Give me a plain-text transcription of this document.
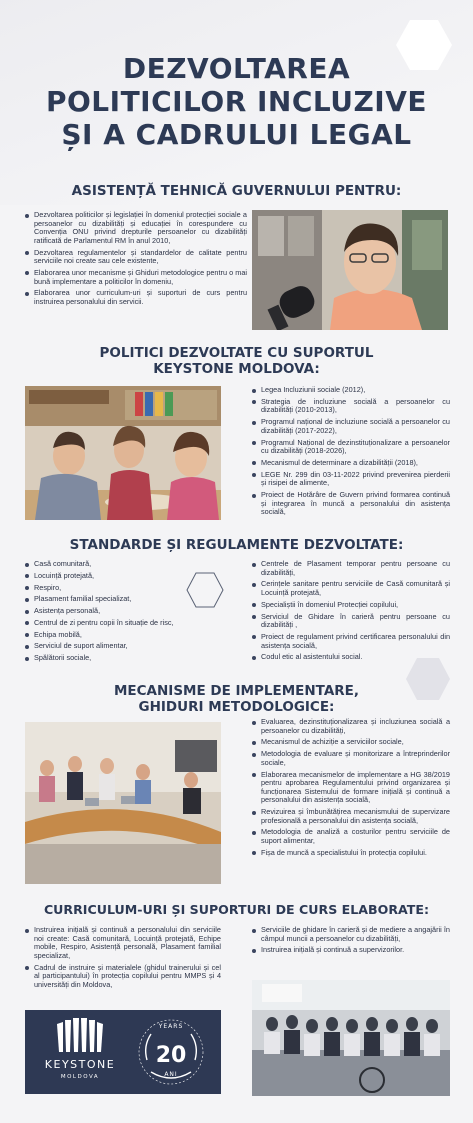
DEZVOLTAREA
POLITICILOR INCLUZIVE
ȘI A CADRULUI LEGAL
ASISTENȚĂ TEHNICĂ GUVERNULUI PENTRU:
Dezvoltarea politicilor și legislației în domeniul protecției sociale a persoanelor cu dizabilități și educației în corespundere cu Convenția ONU privind drepturile persoanelor cu dizabilități ratificată de Parlamentul RM în anul 2010,
Dezvoltarea regulamentelor și standardelor de calitate pentru serviciile noi create sau cele existente,
Elaborarea unor mecanisme și Ghiduri metodologice pentru o mai bună implementare a politicilor în domeniu,
Elaborarea unor curriculum-uri și suporturi de curs pentru instruirea personalului din servicii.
POLITICI DEZVOLTATE CU SUPORTUL
KEYSTONE MOLDOVA:
Legea Incluziunii sociale (2012),
Strategia de incluziune socială a persoanelor cu dizabilități (2010-2013),
Programul național de incluziune socială a persoanelor cu dizabilități (2017-2022),
Programul Național de dezinstituționalizare a persoanelor cu dizabilități (2018-2026),
Mecanismul de determinare a dizabilității (2018),
LEGE Nr. 299 din 03-11-2022 privind prevenirea pierderii și risipei de alimente,
Proiect de Hotărâre de Guvern privind formarea continuă și integrarea în muncă a personalului din asistența socială,
STANDARDE ȘI REGULAMENTE DEZVOLTATE:
Casă comunitară,
Locuință protejată,
Respiro,
Plasament familial specializat,
Asistența personală,
Centrul de zi pentru copii în situație de risc,
Echipa mobilă,
Serviciul de suport alimentar,
Spălătorii sociale,
Centrele de Plasament temporar pentru persoane cu dizabilități,
Cerințele sanitare pentru serviciile de Casă comunitară și Locuință protejată,
Specialiștii în domeniul Protecției copilului,
Serviciul de Ghidare în carieră pentru persoane cu dizabilități ,
Proiect de regulament privind certificarea personalului din asistența socială,
Codul etic al asistentului social.
MECANISME DE IMPLEMENTARE,
GHIDURI METODOLOGICE:
Evaluarea, dezinstituționalizarea și incluziunea socială a persoanelor cu dizabilități,
Mecanismul de achiziție a serviciilor sociale,
Metodologia de evaluare și monitorizare a întreprinderilor sociale,
Elaborarea mecanismelor de implementare a HG 38/2019 pentru aprobarea Regulamentului privind organizarea și funcționarea Sistemului de formare inițială și continuă a personalului din asistența socială,
Revizuirea și îmbunătățirea mecanismului de supervizare profesională a personalului din asistența socială,
Metodologia de analiză a costurilor pentru serviciile de suport alimentar,
Fișa de muncă a specialistului în protecția copilului.
CURRICULUM-URI ȘI SUPORTURI DE CURS ELABORATE:
Instruirea inițială și continuă a personalului din serviciile noi create: Casă comunitară, Locuință protejată, Echipe mobile, Respiro, Asistență personală, Plasament familial specializat,
Cadrul de instruire și materialele (ghidul trainerului și cel al participantului) în protecția copilului pentru MMPS și 4 universități din Moldova,
Serviciile de ghidare în carieră și de mediere a angajării în câmpul muncii a persoanelor cu dizabilități,
Instruirea inițială și continuă a supervizorilor.
KEYSTONE
MOLDOVA
YEARS
20
ANI
